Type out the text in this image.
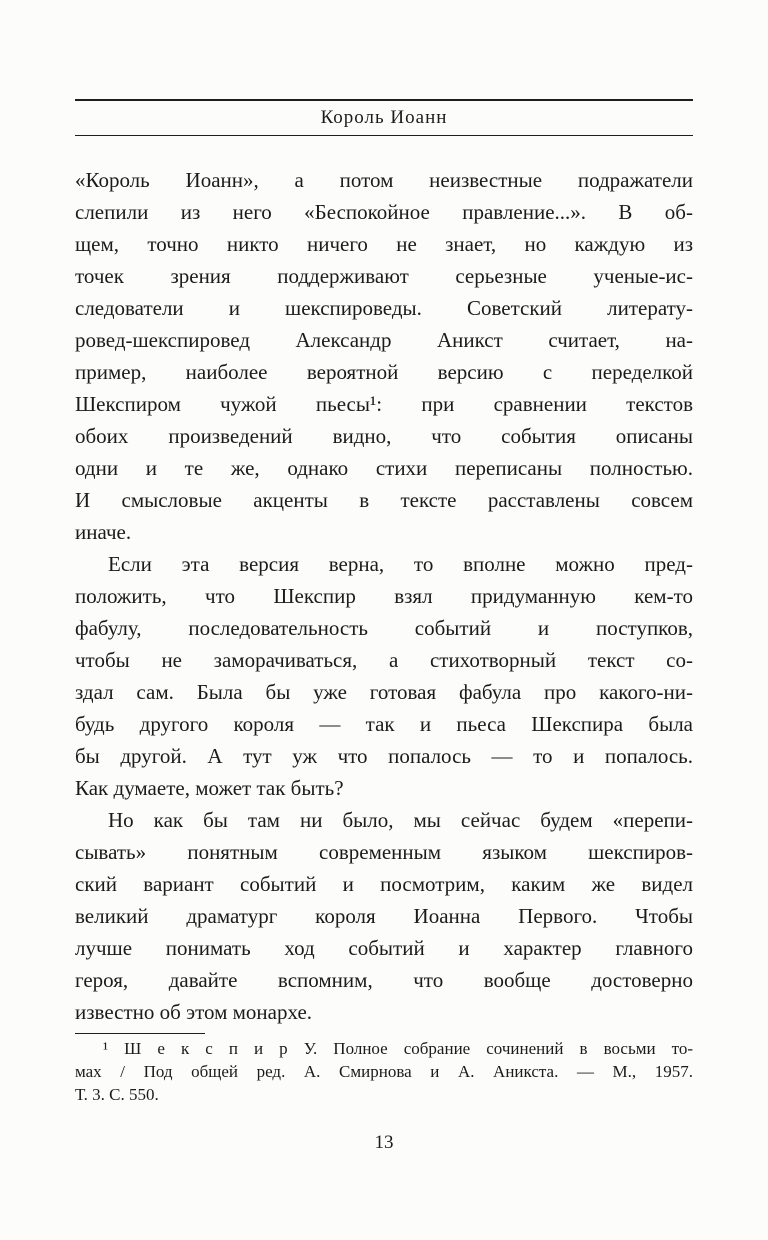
Король Иоанн
«Король Иоанн», а потом неизвестные подражатели
слепили из него «Беспокойное правление...». В об-
щем, точно никто ничего не знает, но каждую из
точек зрения поддерживают серьезные ученые-ис-
следователи и шекспироведы. Советский литерату-
ровед-шекспировед Александр Аникст считает, на-
пример, наиболее вероятной версию с переделкой
Шекспиром чужой пьесы¹: при сравнении текстов
обоих произведений видно, что события описаны
одни и те же, однако стихи переписаны полностью.
И смысловые акценты в тексте расставлены совсем
иначе.
Если эта версия верна, то вполне можно пред-
положить, что Шекспир взял придуманную кем-то
фабулу, последовательность событий и поступков,
чтобы не заморачиваться, а стихотворный текст со-
здал сам. Была бы уже готовая фабула про какого-ни-
будь другого короля — так и пьеса Шекспира была
бы другой. А тут уж что попалось — то и попалось.
Как думаете, может так быть?
Но как бы там ни было, мы сейчас будем «перепи-
сывать» понятным современным языком шекспиров-
ский вариант событий и посмотрим, каким же видел
великий драматург короля Иоанна Первого. Чтобы
лучше понимать ход событий и характер главного
героя, давайте вспомним, что вообще достоверно
известно об этом монархе.
¹ Ш е к с п и р У. Полное собрание сочинений в восьми то-
мах / Под общей ред. А. Смирнова и А. Аникста. — М., 1957.
Т. 3. С. 550.
13
